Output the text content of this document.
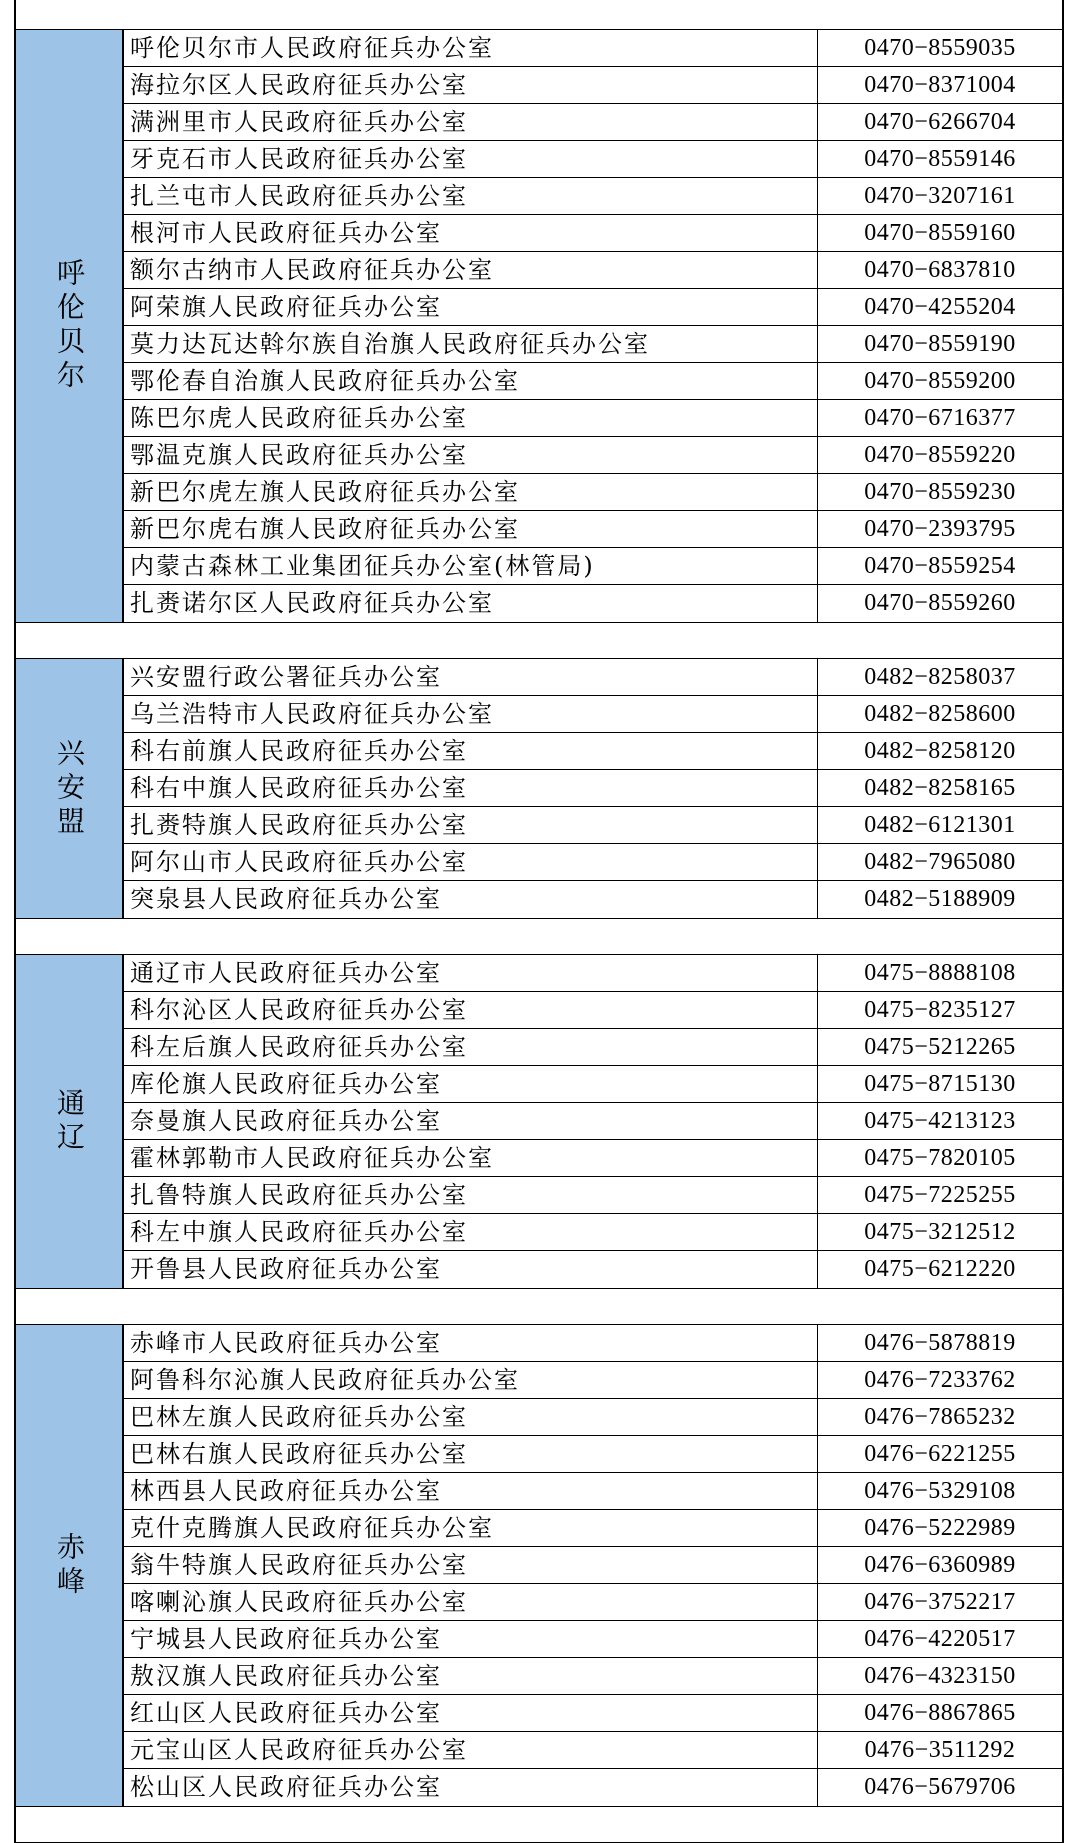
呼伦贝尔
呼伦贝尔市人民政府征兵办公室	0470−8559035
海拉尔区人民政府征兵办公室	0470−8371004
满洲里市人民政府征兵办公室	0470−6266704
牙克石市人民政府征兵办公室	0470−8559146
扎兰屯市人民政府征兵办公室	0470−3207161
根河市人民政府征兵办公室	0470−8559160
额尔古纳市人民政府征兵办公室	0470−6837810
阿荣旗人民政府征兵办公室	0470−4255204
莫力达瓦达斡尔族自治旗人民政府征兵办公室	0470−8559190
鄂伦春自治旗人民政府征兵办公室	0470−8559200
陈巴尔虎人民政府征兵办公室	0470−6716377
鄂温克旗人民政府征兵办公室	0470−8559220
新巴尔虎左旗人民政府征兵办公室	0470−8559230
新巴尔虎右旗人民政府征兵办公室	0470−2393795
内蒙古森林工业集团征兵办公室(林管局)	0470−8559254
扎赉诺尔区人民政府征兵办公室	0470−8559260
兴安盟
兴安盟行政公署征兵办公室	0482−8258037
乌兰浩特市人民政府征兵办公室	0482−8258600
科右前旗人民政府征兵办公室	0482−8258120
科右中旗人民政府征兵办公室	0482−8258165
扎赉特旗人民政府征兵办公室	0482−6121301
阿尔山市人民政府征兵办公室	0482−7965080
突泉县人民政府征兵办公室	0482−5188909
通辽
通辽市人民政府征兵办公室	0475−8888108
科尔沁区人民政府征兵办公室	0475−8235127
科左后旗人民政府征兵办公室	0475−5212265
库伦旗人民政府征兵办公室	0475−8715130
奈曼旗人民政府征兵办公室	0475−4213123
霍林郭勒市人民政府征兵办公室	0475−7820105
扎鲁特旗人民政府征兵办公室	0475−7225255
科左中旗人民政府征兵办公室	0475−3212512
开鲁县人民政府征兵办公室	0475−6212220
赤峰
赤峰市人民政府征兵办公室	0476−5878819
阿鲁科尔沁旗人民政府征兵办公室	0476−7233762
巴林左旗人民政府征兵办公室	0476−7865232
巴林右旗人民政府征兵办公室	0476−6221255
林西县人民政府征兵办公室	0476−5329108
克什克腾旗人民政府征兵办公室	0476−5222989
翁牛特旗人民政府征兵办公室	0476−6360989
喀喇沁旗人民政府征兵办公室	0476−3752217
宁城县人民政府征兵办公室	0476−4220517
敖汉旗人民政府征兵办公室	0476−4323150
红山区人民政府征兵办公室	0476−8867865
元宝山区人民政府征兵办公室	0476−3511292
松山区人民政府征兵办公室	0476−5679706
